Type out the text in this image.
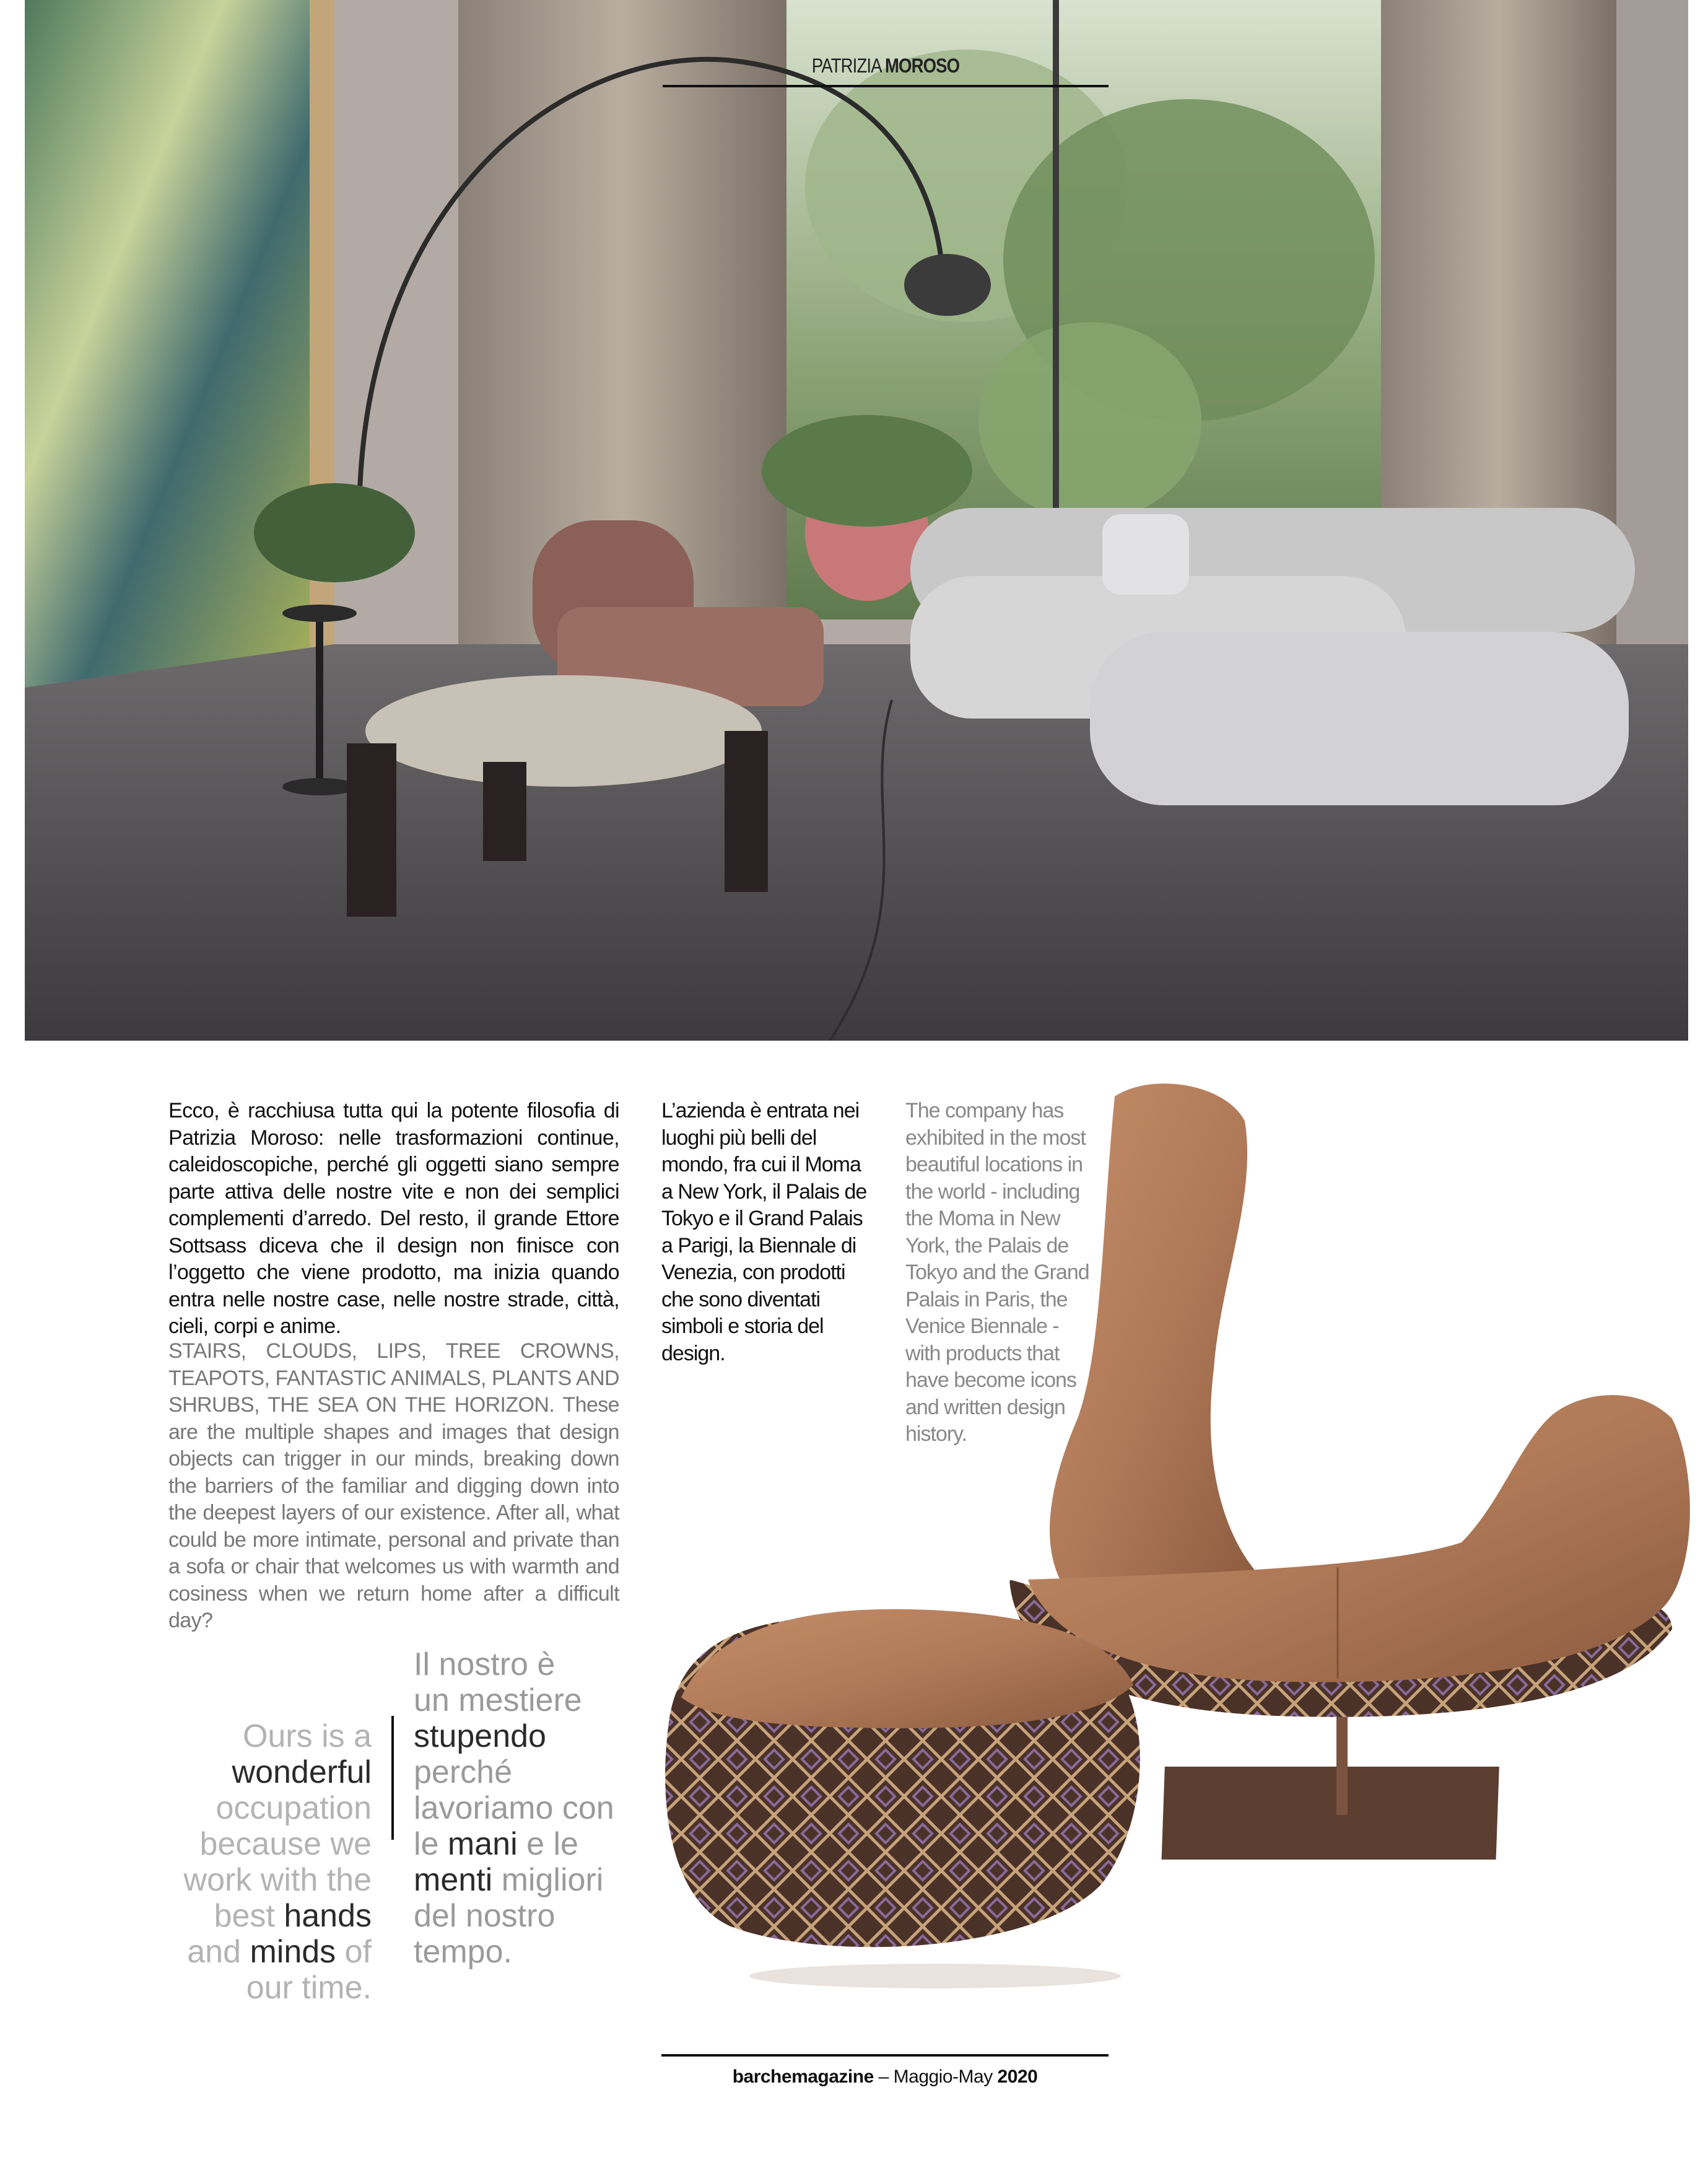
PATRIZIA MOROSO
Ecco, è racchiusa tutta qui la potente filosofia di Patrizia Moroso: nelle trasformazioni continue, caleidoscopiche, perché gli oggetti siano sempre parte attiva delle nostre vite e non dei semplici complementi d’arredo. Del resto, il grande Ettore Sottsass diceva che il design non finisce con l’oggetto che viene prodotto, ma inizia quando entra nelle nostre case, nelle nostre strade, città, cieli, corpi e anime.
STAIRS, CLOUDS, LIPS, TREE CROWNS, TEAPOTS, FANTASTIC ANIMALS, PLANTS AND SHRUBS, THE SEA ON THE HORIZON. These are the multiple shapes and images that design objects can trigger in our minds, breaking down the barriers of the familiar and digging down into the deepest layers of our existence. After all, what could be more intimate, personal and private than a sofa or chair that welcomes us with warmth and cosiness when we return home after a difficult day?
L’azienda è entrata nei luoghi più belli del mondo, fra cui il Moma a New York, il Palais de Tokyo e il Grand Palais a Parigi, la Biennale di Venezia, con prodotti che sono diventati simboli e storia del design.
The company has exhibited in the most beautiful locations in the world - including the Moma in New York, the Palais de Tokyo and the Grand Palais in Paris, the Venice Biennale - with products that have become icons and written design history.
Ours is a
wonderful
occupation
because we
work with the
best hands
and minds of
our time.
Il nostro è
un mestiere
stupendo
perché
lavoriamo con
le mani e le
menti migliori
del nostro
tempo.
barchemagazine – Maggio-May 2020
